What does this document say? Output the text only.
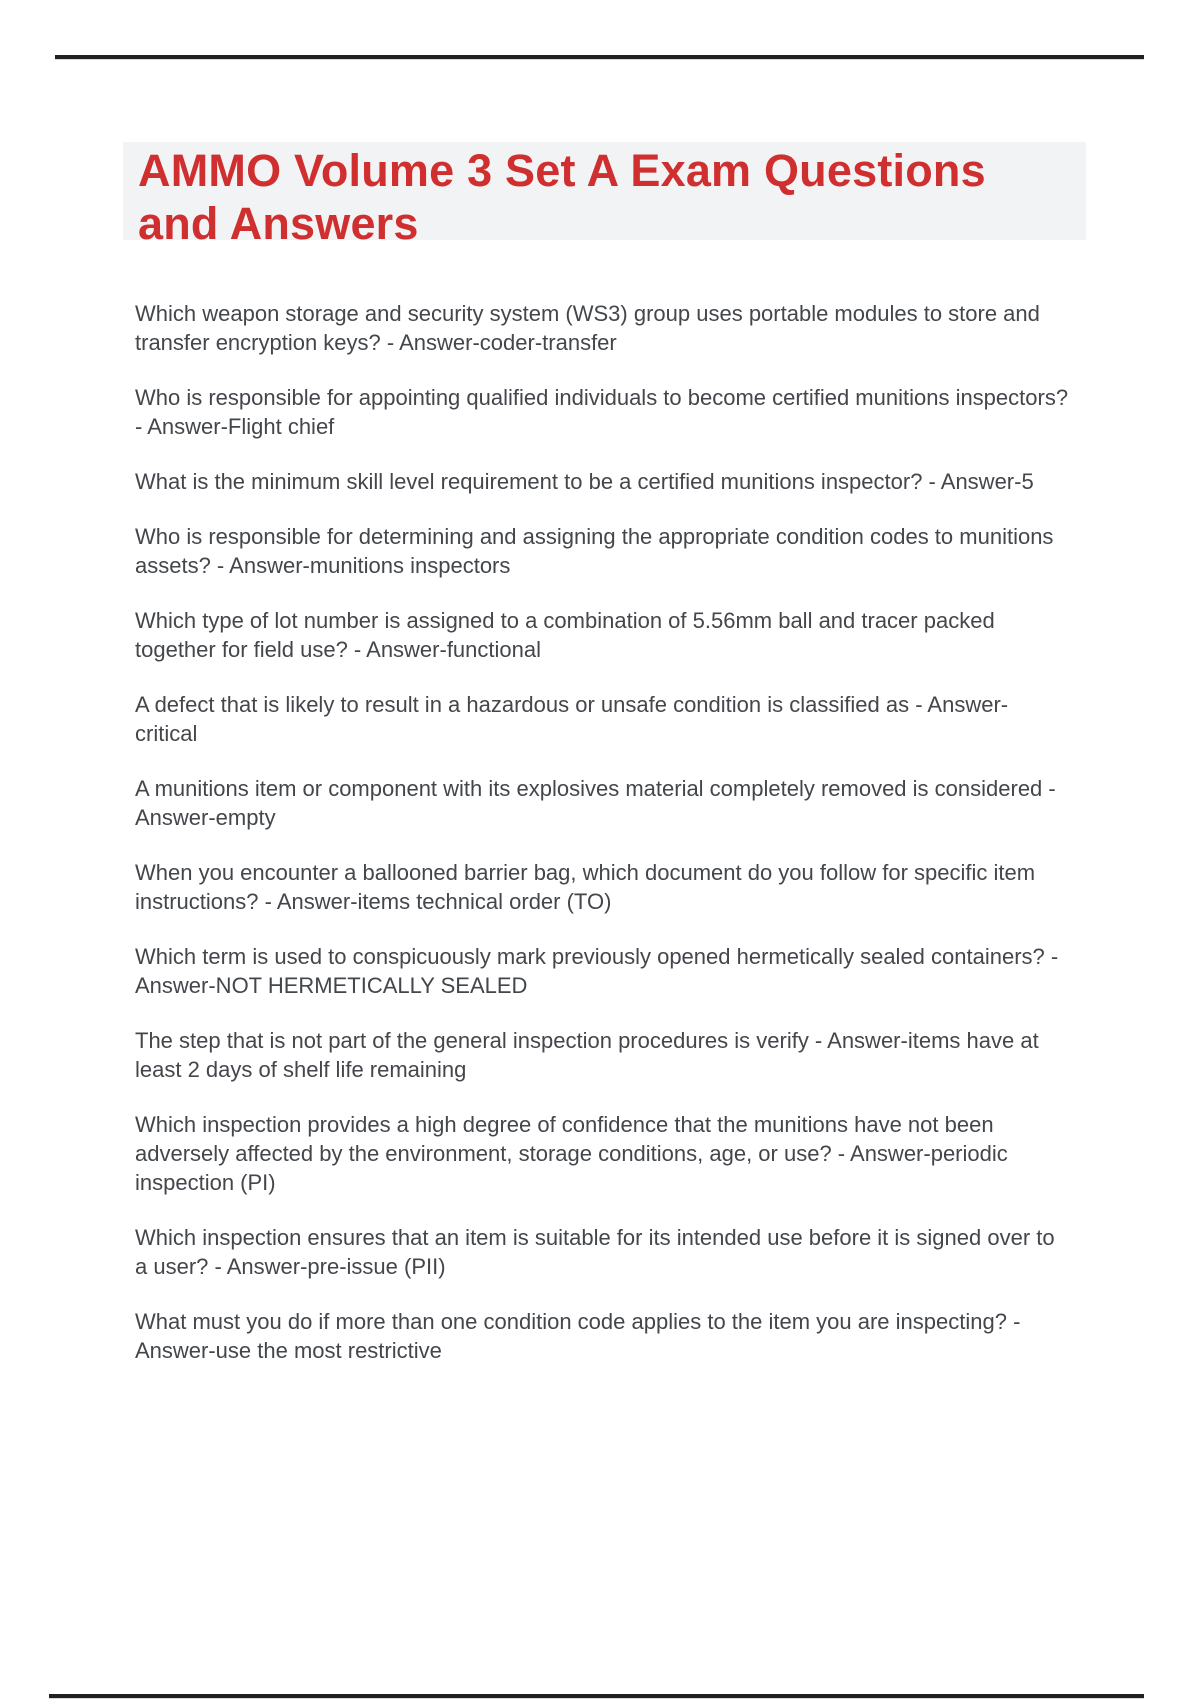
AMMO Volume 3 Set A Exam Questions
and Answers

Which weapon storage and security system (WS3) group uses portable modules to store and transfer encryption keys? - Answer-coder-transfer

Who is responsible for appointing qualified individuals to become certified munitions inspectors? - Answer-Flight chief

What is the minimum skill level requirement to be a certified munitions inspector? - Answer-5

Who is responsible for determining and assigning the appropriate condition codes to munitions assets? - Answer-munitions inspectors

Which type of lot number is assigned to a combination of 5.56mm ball and tracer packed together for field use? - Answer-functional

A defect that is likely to result in a hazardous or unsafe condition is classified as - Answer-critical

A munitions item or component with its explosives material completely removed is considered - Answer-empty

When you encounter a ballooned barrier bag, which document do you follow for specific item instructions? - Answer-items technical order (TO)

Which term is used to conspicuously mark previously opened hermetically sealed containers? - Answer-NOT HERMETICALLY SEALED

The step that is not part of the general inspection procedures is verify - Answer-items have at least 2 days of shelf life remaining

Which inspection provides a high degree of confidence that the munitions have not been adversely affected by the environment, storage conditions, age, or use? - Answer-periodic inspection (PI)

Which inspection ensures that an item is suitable for its intended use before it is signed over to a user? - Answer-pre-issue (PII)

What must you do if more than one condition code applies to the item you are inspecting? - Answer-use the most restrictive
